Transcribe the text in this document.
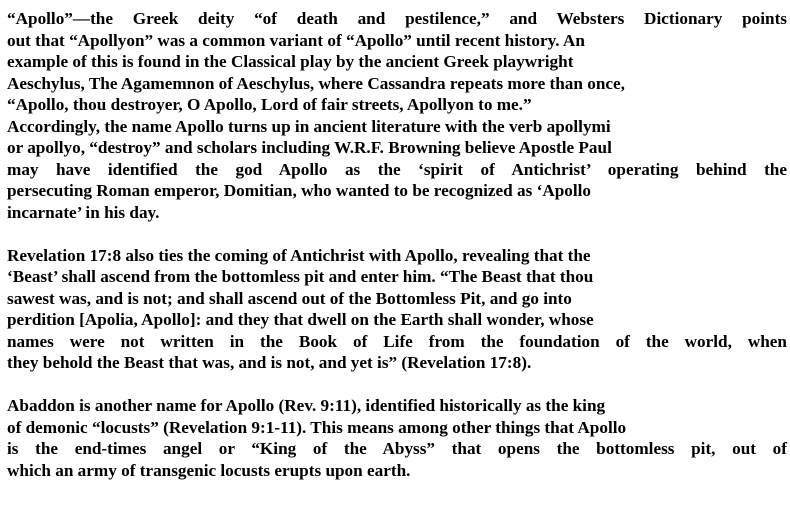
“Apollo”—the Greek deity “of death and pestilence,” and Websters Dictionary points
out that “Apollyon” was a common variant of “Apollo” until recent history. An
example of this is found in the Classical play by the ancient Greek playwright
Aeschylus, The Agamemnon of Aeschylus, where Cassandra repeats more than once,
“Apollo, thou destroyer, O Apollo, Lord of fair streets, Apollyon to me.”
Accordingly, the name Apollo turns up in ancient literature with the verb apollymi
or apollyo, “destroy” and scholars including W.R.F. Browning believe Apostle Paul
may have identified the god Apollo as the ‘spirit of Antichrist’ operating behind the
persecuting Roman emperor, Domitian, who wanted to be recognized as ‘Apollo
incarnate’ in his day.
Revelation 17:8 also ties the coming of Antichrist with Apollo, revealing that the
‘Beast’ shall ascend from the bottomless pit and enter him. “The Beast that thou
sawest was, and is not; and shall ascend out of the Bottomless Pit, and go into
perdition [Apolia, Apollo]: and they that dwell on the Earth shall wonder, whose
names were not written in the Book of Life from the foundation of the world, when
they behold the Beast that was, and is not, and yet is” (Revelation 17:8).
Abaddon is another name for Apollo (Rev. 9:11), identified historically as the king
of demonic “locusts” (Revelation 9:1-11). This means among other things that Apollo
is the end-times angel or “King of the Abyss” that opens the bottomless pit, out of
which an army of transgenic locusts erupts upon earth.
